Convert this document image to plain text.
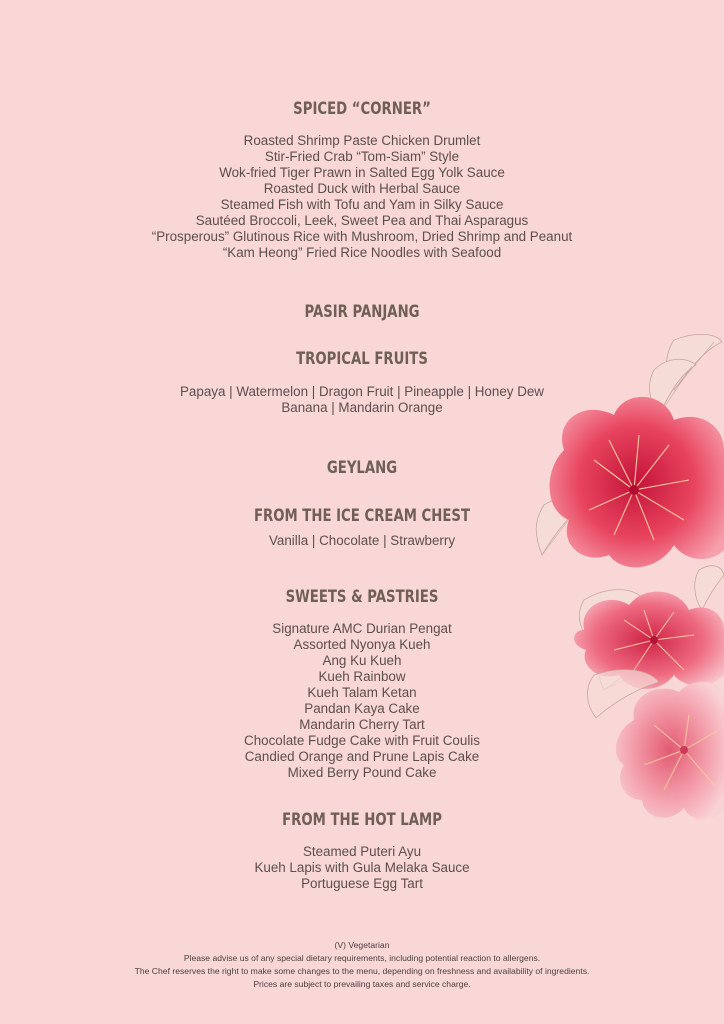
SPICED “CORNER”
Roasted Shrimp Paste Chicken Drumlet
Stir-Fried Crab “Tom-Siam” Style
Wok-fried Tiger Prawn in Salted Egg Yolk Sauce
Roasted Duck with Herbal Sauce
Steamed Fish with Tofu and Yam in Silky Sauce
Sautéed Broccoli, Leek, Sweet Pea and Thai Asparagus
“Prosperous” Glutinous Rice with Mushroom, Dried Shrimp and Peanut
“Kam Heong” Fried Rice Noodles with Seafood
PASIR PANJANG
TROPICAL FRUITS
Papaya | Watermelon | Dragon Fruit | Pineapple | Honey Dew
Banana | Mandarin Orange
GEYLANG
FROM THE ICE CREAM CHEST
Vanilla | Chocolate | Strawberry
SWEETS & PASTRIES
Signature AMC Durian Pengat
Assorted Nyonya Kueh
Ang Ku Kueh
Kueh Rainbow
Kueh Talam Ketan
Pandan Kaya Cake
Mandarin Cherry Tart
Chocolate Fudge Cake with Fruit Coulis
Candied Orange and Prune Lapis Cake
Mixed Berry Pound Cake
FROM THE HOT LAMP
Steamed Puteri Ayu
Kueh Lapis with Gula Melaka Sauce
Portuguese Egg Tart
(V) Vegetarian
Please advise us of any special dietary requirements, including potential reaction to allergens.
The Chef reserves the right to make some changes to the menu, depending on freshness and availability of ingredients.
Prices are subject to prevailing taxes and service charge.
